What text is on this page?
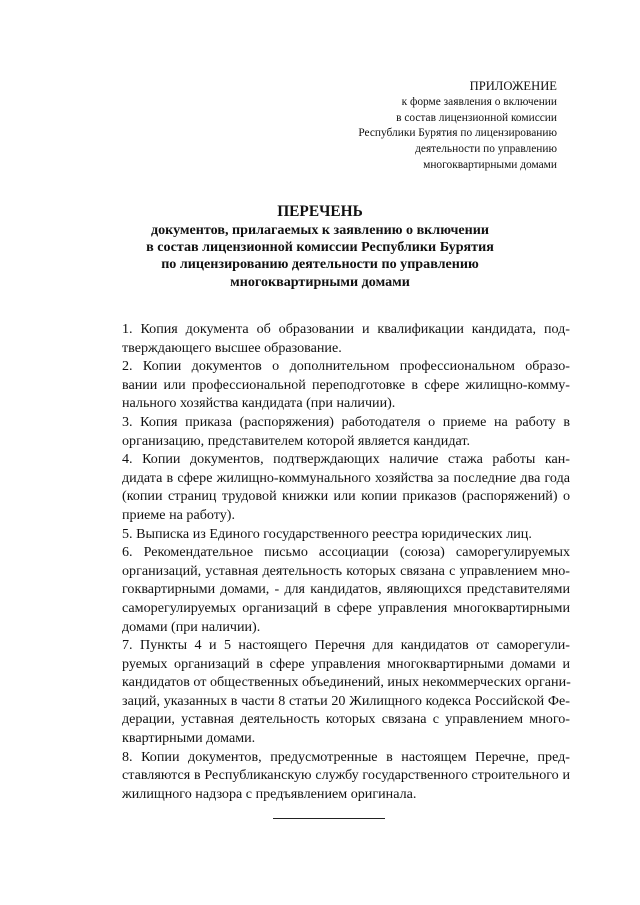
ПРИЛОЖЕНИЕ
к форме заявления о включении
в состав лицензионной комиссии
Республики Бурятия по лицензированию
деятельности по управлению
многоквартирными домами
ПЕРЕЧЕНЬ
документов, прилагаемых к заявлению о включении
в состав лицензионной комиссии Республики Бурятия
по лицензированию деятельности по управлению
многоквартирными домами
1. Копия документа об образовании и квалификации кандидата, под-
тверждающего высшее образование.
2. Копии документов о дополнительном профессиональном образо-
вании или профессиональной переподготовке в сфере жилищно-комму-
нального хозяйства кандидата (при наличии).
3. Копия приказа (распоряжения) работодателя о приеме на работу в
организацию, представителем которой является кандидат.
4. Копии документов, подтверждающих наличие стажа работы кан-
дидата в сфере жилищно-коммунального хозяйства за последние два года
(копии страниц трудовой книжки или копии приказов (распоряжений) о
приеме на работу).
5. Выписка из Единого государственного реестра юридических лиц.
6. Рекомендательное письмо ассоциации (союза) саморегулируемых
организаций, уставная деятельность которых связана с управлением мно-
гоквартирными домами, - для кандидатов, являющихся представителями
саморегулируемых организаций в сфере управления многоквартирными
домами (при наличии).
7. Пункты 4 и 5 настоящего Перечня для кандидатов от саморегули-
руемых организаций в сфере управления многоквартирными домами и
кандидатов от общественных объединений, иных некоммерческих органи-
заций, указанных в части 8 статьи 20 Жилищного кодекса Российской Фе-
дерации, уставная деятельность которых связана с управлением много-
квартирными домами.
8. Копии документов, предусмотренные в настоящем Перечне, пред-
ставляются в Республиканскую службу государственного строительного и
жилищного надзора с предъявлением оригинала.
